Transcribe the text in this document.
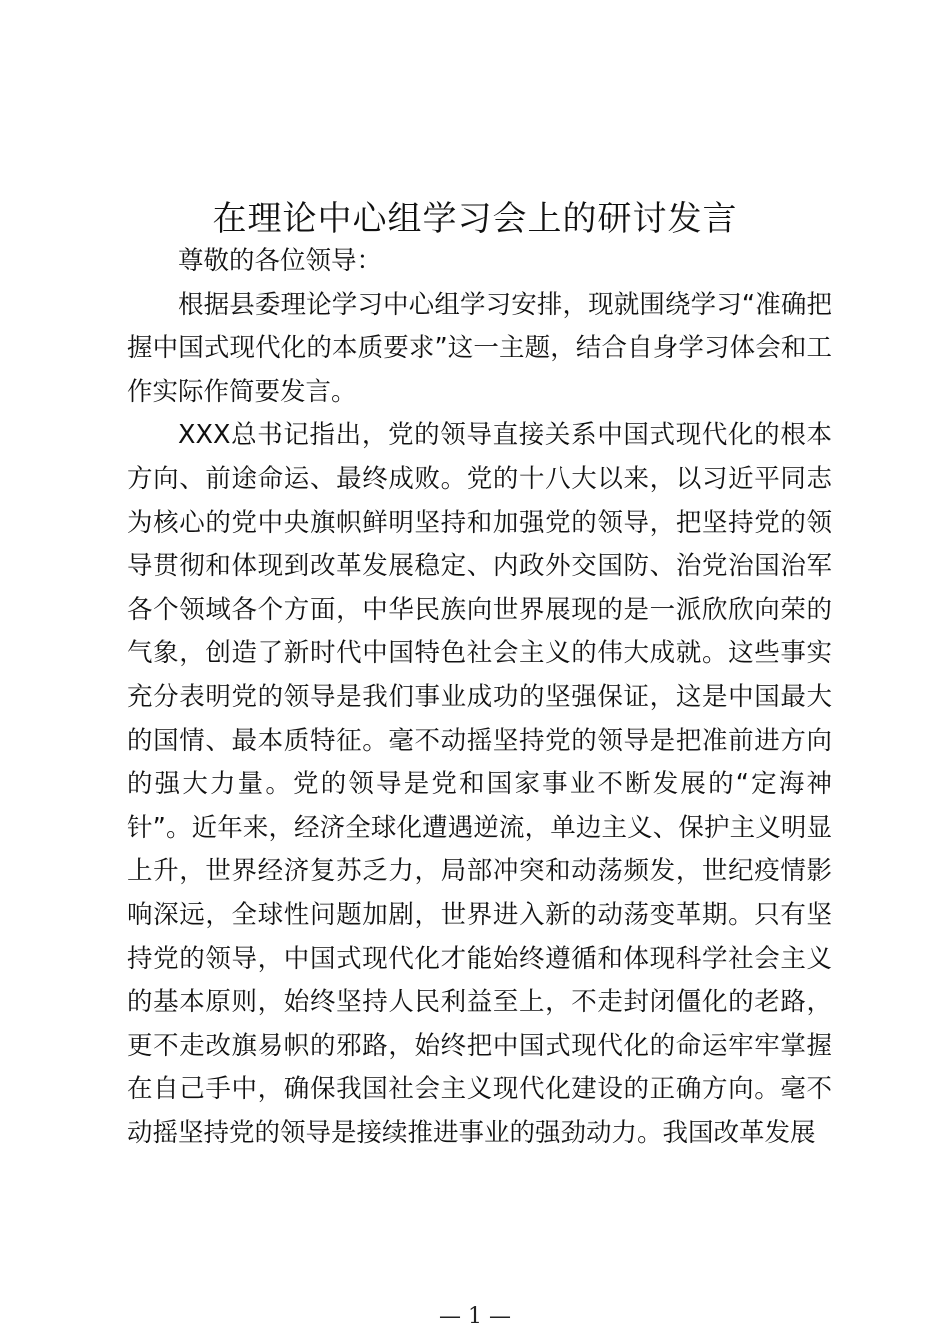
在理论中心组学习会上的研讨发言

尊敬的各位领导：

根据县委理论学习中心组学习安排，现就围绕学习“准确把握中国式现代化的本质要求”这一主题，结合自身学习体会和工作实际作简要发言。

XXX总书记指出，党的领导直接关系中国式现代化的根本方向、前途命运、最终成败。党的十八大以来，以习近平同志为核心的党中央旗帜鲜明坚持和加强党的领导，把坚持党的领导贯彻和体现到改革发展稳定、内政外交国防、治党治国治军各个领域各个方面，中华民族向世界展现的是一派欣欣向荣的气象，创造了新时代中国特色社会主义的伟大成就。这些事实充分表明党的领导是我们事业成功的坚强保证，这是中国最大的国情、最本质特征。毫不动摇坚持党的领导是把准前进方向的强大力量。党的领导是党和国家事业不断发展的“定海神针”。近年来，经济全球化遭遇逆流，单边主义、保护主义明显上升，世界经济复苏乏力，局部冲突和动荡频发，世纪疫情影响深远，全球性问题加剧，世界进入新的动荡变革期。只有坚持党的领导，中国式现代化才能始终遵循和体现科学社会主义的基本原则，始终坚持人民利益至上，不走封闭僵化的老路，更不走改旗易帜的邪路，始终把中国式现代化的命运牢牢掌握在自己手中，确保我国社会主义现代化建设的正确方向。毫不动摇坚持党的领导是接续推进事业的强劲动力。我国改革发展

— 1 —
